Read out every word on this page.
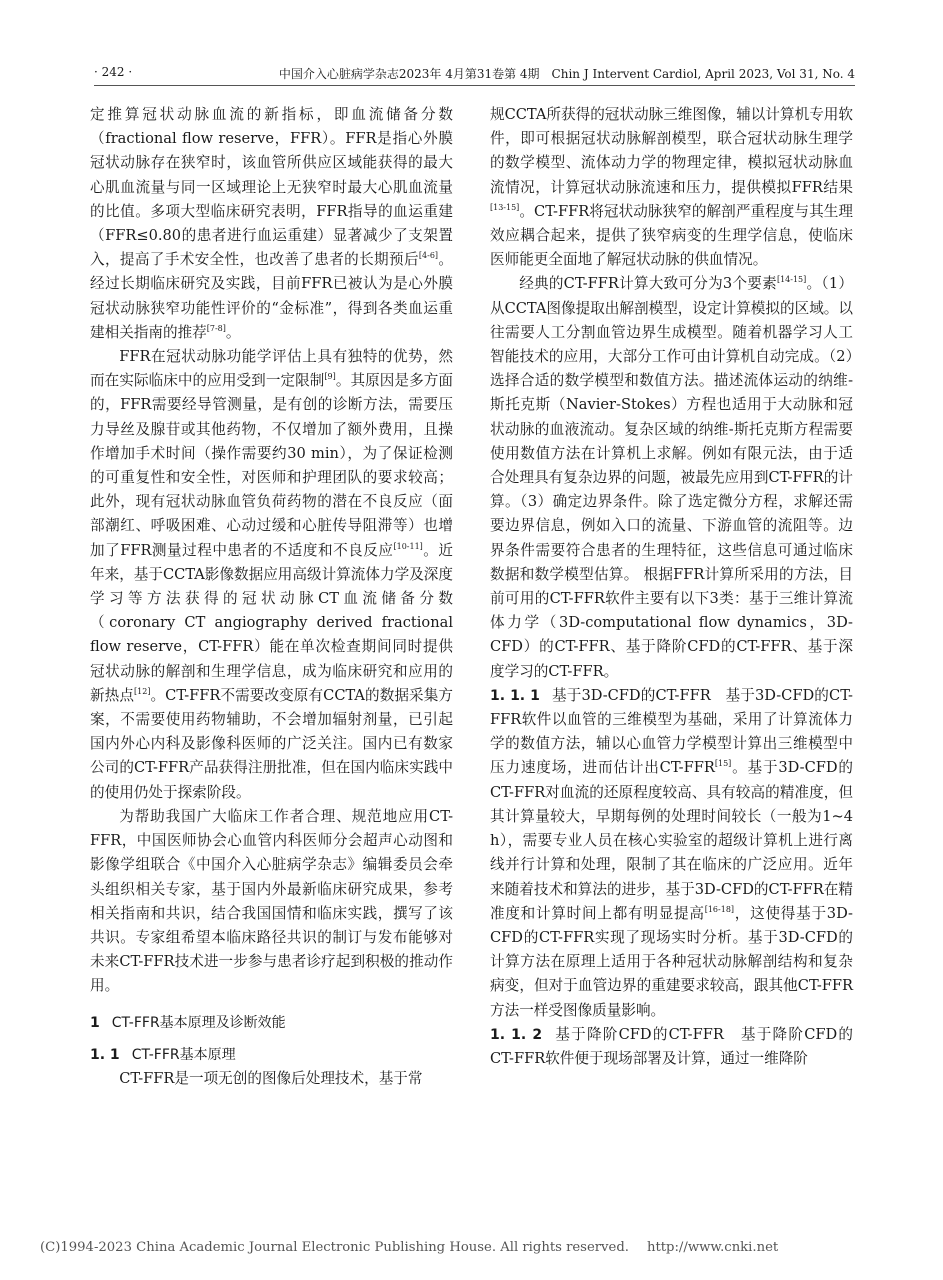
· 242 ·	中国介入心脏病学杂志2023年 4月第31卷第 4期　Chin J Intervent Cardiol, April 2023, Vol 31, No. 4

定推算冠状动脉血流的新指标，即血流储备分数（fractional flow reserve，FFR）。FFR是指心外膜冠状动脉存在狭窄时，该血管所供应区域能获得的最大心肌血流量与同一区域理论上无狭窄时最大心肌血流量的比值。多项大型临床研究表明，FFR指导的血运重建（FFR≤0.80的患者进行血运重建）显著减少了支架置入，提高了手术安全性，也改善了患者的长期预后[4-6]。经过长期临床研究及实践，目前FFR已被认为是心外膜冠状动脉狭窄功能性评价的“金标准”，得到各类血运重建相关指南的推荐[7-8]。

FFR在冠状动脉功能学评估上具有独特的优势，然而在实际临床中的应用受到一定限制[9]。其原因是多方面的，FFR需要经导管测量，是有创的诊断方法，需要压力导丝及腺苷或其他药物，不仅增加了额外费用，且操作增加手术时间（操作需要约30 min），为了保证检测的可重复性和安全性，对医师和护理团队的要求较高；此外，现有冠状动脉血管负荷药物的潜在不良反应（面部潮红、呼吸困难、心动过缓和心脏传导阻滞等）也增加了FFR测量过程中患者的不适度和不良反应[10-11]。近年来，基于CCTA影像数据应用高级计算流体力学及深度学习等方法获得的冠状动脉CT血流储备分数（coronary CT angiography derived fractional flow reserve，CT-FFR）能在单次检查期间同时提供冠状动脉的解剖和生理学信息，成为临床研究和应用的新热点[12]。CT-FFR不需要改变原有CCTA的数据采集方案，不需要使用药物辅助，不会增加辐射剂量，已引起国内外心内科及影像科医师的广泛关注。国内已有数家公司的CT-FFR产品获得注册批准，但在国内临床实践中的使用仍处于探索阶段。

为帮助我国广大临床工作者合理、规范地应用CT-FFR，中国医师协会心血管内科医师分会超声心动图和影像学组联合《中国介入心脏病学杂志》编辑委员会牵头组织相关专家，基于国内外最新临床研究成果，参考相关指南和共识，结合我国国情和临床实践，撰写了该共识。专家组希望本临床路径共识的制订与发布能够对未来CT-FFR技术进一步参与患者诊疗起到积极的推动作用。

1 CT-FFR基本原理及诊断效能

1. 1 CT-FFR基本原理

CT-FFR是一项无创的图像后处理技术，基于常

规CCTA所获得的冠状动脉三维图像，辅以计算机专用软件，即可根据冠状动脉解剖模型，联合冠状动脉生理学的数学模型、流体动力学的物理定律，模拟冠状动脉血流情况，计算冠状动脉流速和压力，提供模拟FFR结果[13-15]。CT-FFR将冠状动脉狭窄的解剖严重程度与其生理效应耦合起来，提供了狭窄病变的生理学信息，使临床医师能更全面地了解冠状动脉的供血情况。

经典的CT-FFR计算大致可分为3个要素[14-15]。（1）从CCTA图像提取出解剖模型，设定计算模拟的区域。以往需要人工分割血管边界生成模型。随着机器学习人工智能技术的应用，大部分工作可由计算机自动完成。（2）选择合适的数学模型和数值方法。描述流体运动的纳维-斯托克斯（Navier-Stokes）方程也适用于大动脉和冠状动脉的血液流动。复杂区域的纳维-斯托克斯方程需要使用数值方法在计算机上求解。例如有限元法，由于适合处理具有复杂边界的问题，被最先应用到CT-FFR的计算。（3）确定边界条件。除了选定微分方程，求解还需要边界信息，例如入口的流量、下游血管的流阻等。边界条件需要符合患者的生理特征，这些信息可通过临床数据和数学模型估算。 根据FFR计算所采用的方法，目前可用的CT-FFR软件主要有以下3类：基于三维计算流体力学（3D-computational flow dynamics，3D-CFD）的CT-FFR、基于降阶CFD的CT-FFR、基于深度学习的CT-FFR。

1. 1. 1 基于3D-CFD的CT-FFR　 基于3D-CFD的CT-FFR软件以血管的三维模型为基础，采用了计算流体力学的数值方法，辅以心血管力学模型计算出三维模型中压力速度场，进而估计出CT-FFR[15]。基于3D-CFD的CT-FFR对血流的还原程度较高、具有较高的精准度，但其计算量较大，早期每例的处理时间较长（一般为1~4 h），需要专业人员在核心实验室的超级计算机上进行离线并行计算和处理，限制了其在临床的广泛应用。近年来随着技术和算法的进步，基于3D-CFD的CT-FFR在精准度和计算时间上都有明显提高[16-18]，这使得基于3D-CFD的CT-FFR实现了现场实时分析。基于3D-CFD的计算方法在原理上适用于各种冠状动脉解剖结构和复杂病变，但对于血管边界的重建要求较高，跟其他CT-FFR方法一样受图像质量影响。

1. 1. 2 基于降阶CFD的CT-FFR　 基于降阶CFD的CT-FFR软件便于现场部署及计算，通过一维降阶

(C)1994-2023 China Academic Journal Electronic Publishing House. All rights reserved. http://www.cnki.net
